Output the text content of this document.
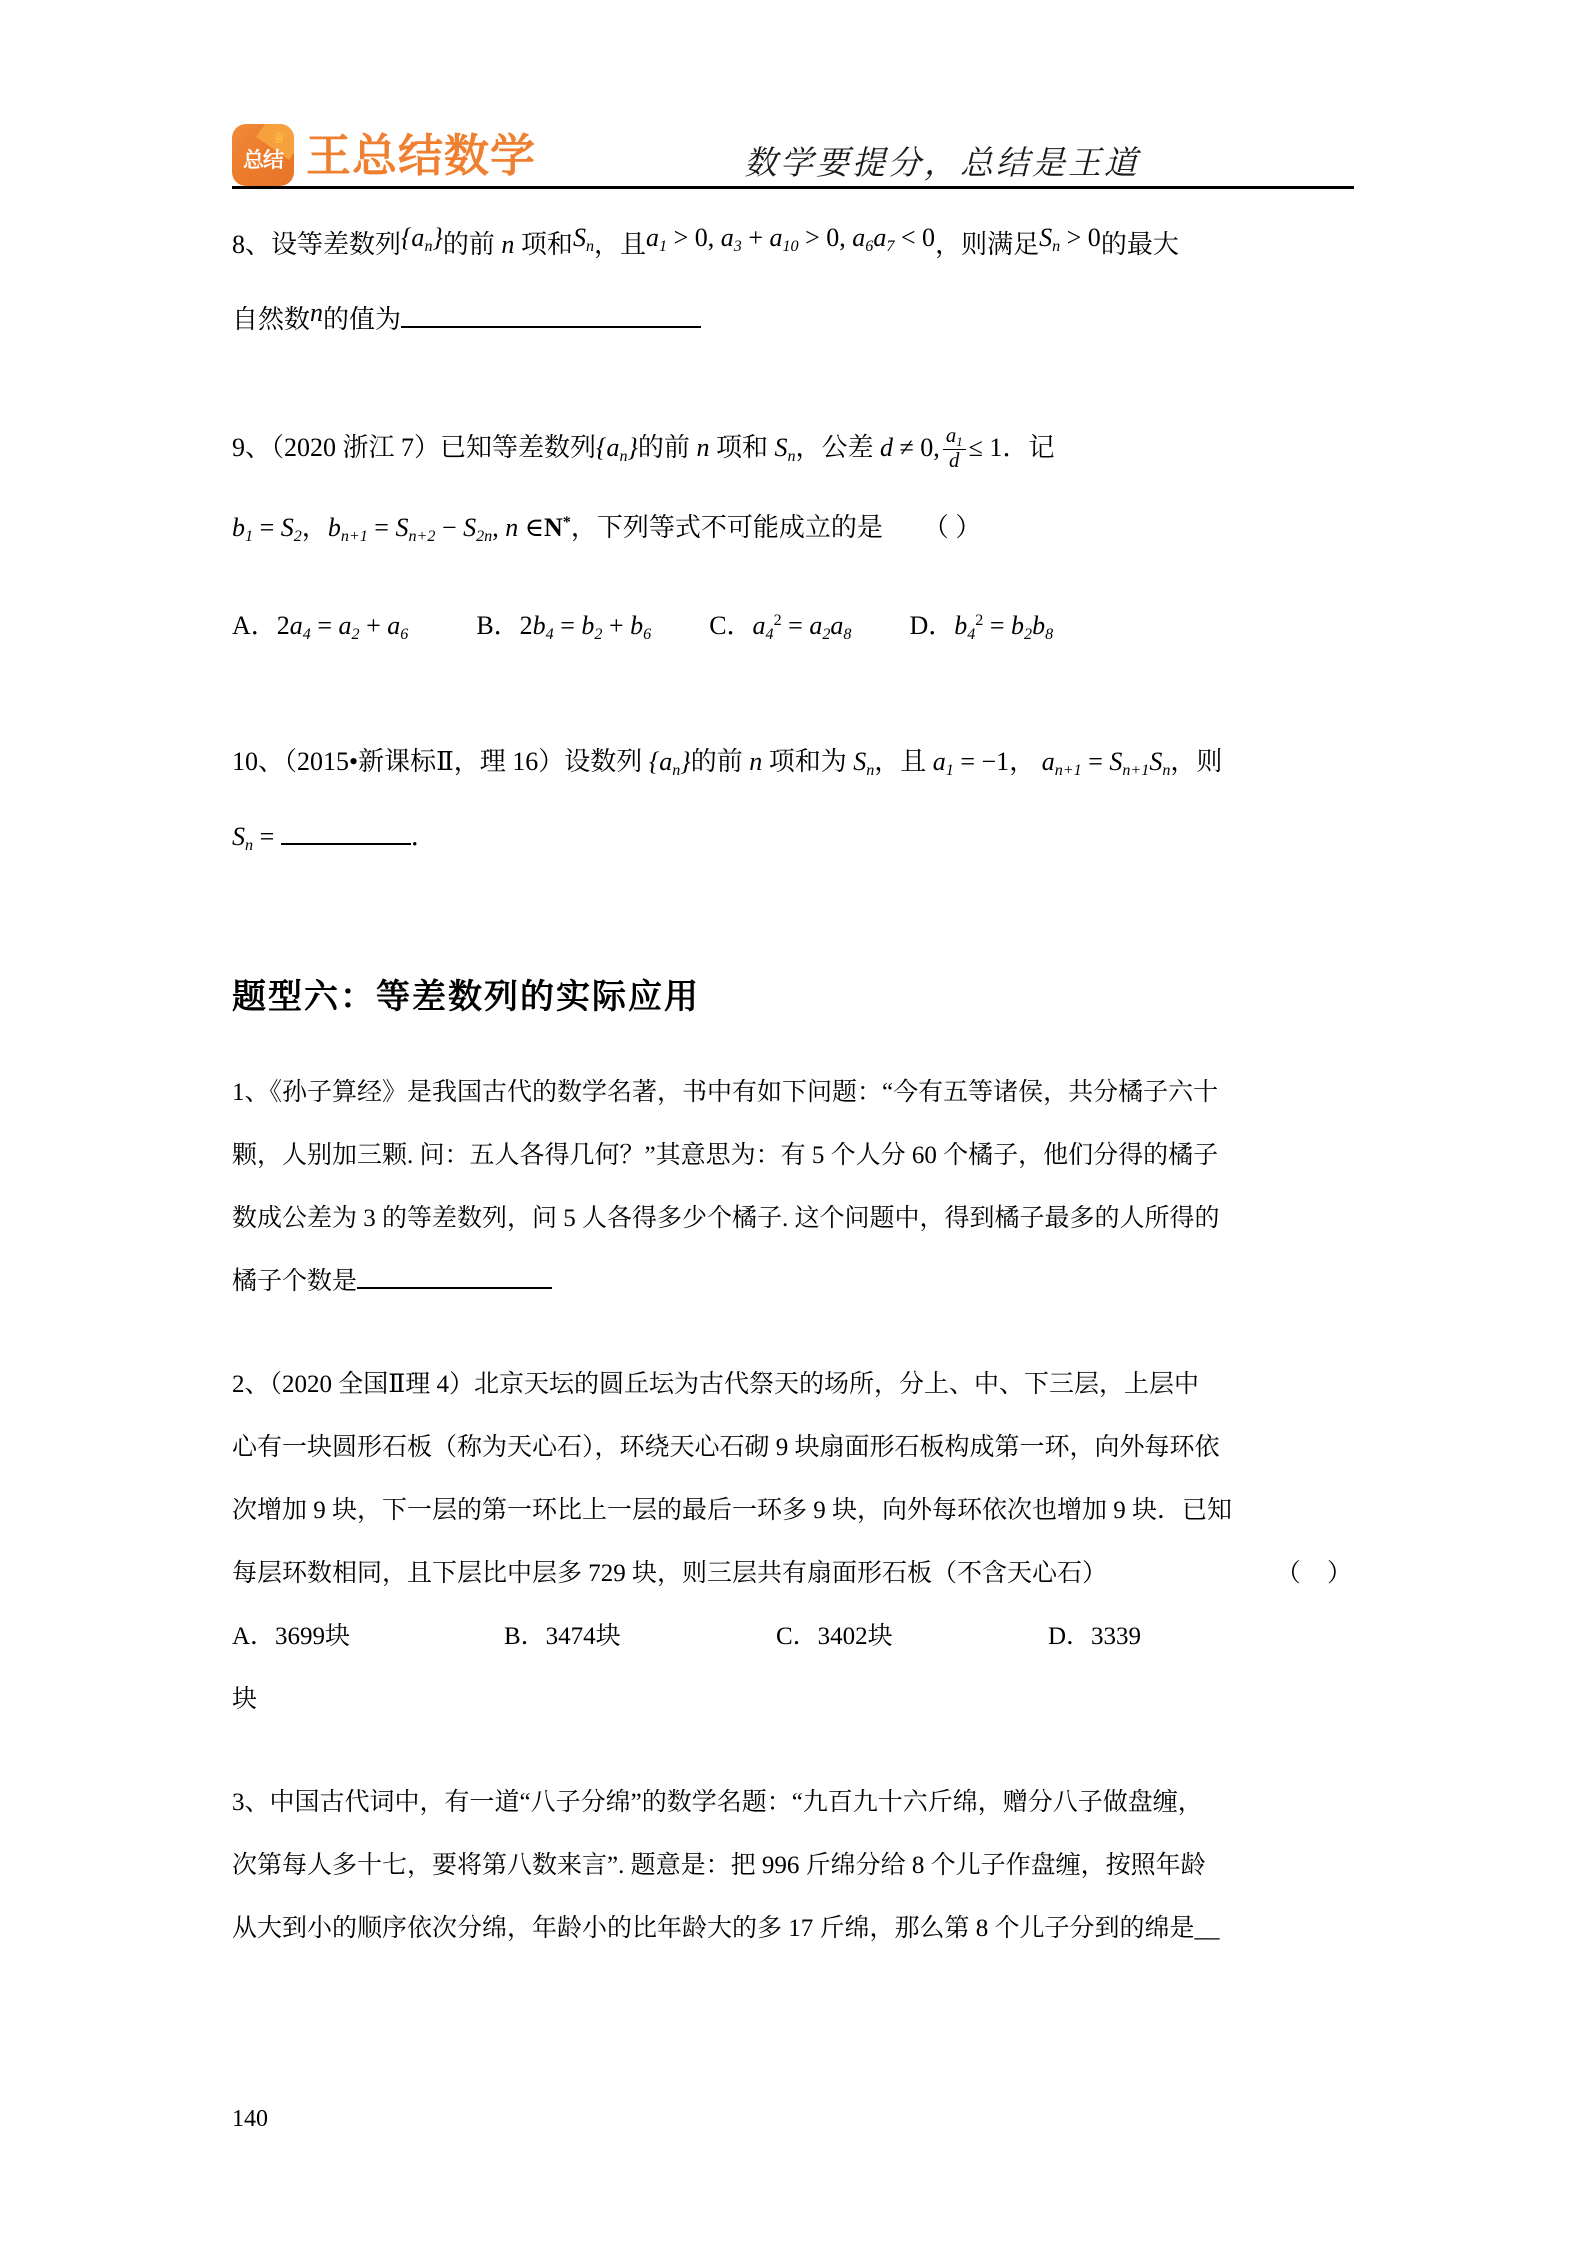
♕
总结 王总结数学	数学要提分，总结是王道
8、设等差数列$\{a_n\}$的前 n 项和$S_n$，且$a_1 > 0$, $a_3 + a_{10} > 0$, $a_6a_7 < 0$，则满足$S_n > 0$的最大
自然数n的值为
9、（2020 浙江 7）已知等差数列$\{a_n\}$的前 n 项和 $S_n$，公差 d ≠ 0, $\frac{a_1}{d} \le 1$．记
$b_1 = S_2$，$b_{n+1} = S_{n+2} - S_{2n}$, n ∈N*，下列等式不可能成立的是 （ ）
A．$2a_4 = a_2 + a_6$	B．$2b_4 = b_2 + b_6$ C．$a_4^2 = a_2a_8$ D．$b_4^2 = b_2b_8$
10、（2015•新课标Ⅱ，理 16）设数列 $\{a_n\}$的前 n 项和为 $S_n$，且 $a_1 = -1$， $a_{n+1} = S_{n+1}S_n$，则
$S_n$ =	．
题型六：等差数列的实际应用
1、《孙子算经》是我国古代的数学名著，书中有如下问题：“今有五等诸侯，共分橘子六十
颗，人别加三颗. 问：五人各得几何？”其意思为：有 5 个人分 60 个橘子，他们分得的橘子
数成公差为 3 的等差数列，问 5 人各得多少个橘子. 这个问题中，得到橘子最多的人所得的
橘子个数是
2、（2020 全国Ⅱ理 4）北京天坛的圆丘坛为古代祭天的场所，分上、中、下三层，上层中
心有一块圆形石板（称为天心石），环绕天心石砌 9 块扇面形石板构成第一环，向外每环依
次增加 9 块，下一层的第一环比上一层的最后一环多 9 块，向外每环依次也增加 9 块．已知
每层环数相同，且下层比中层多 729 块，则三层共有扇面形石板（不含天心石）	（ ）
A．3699块	B．3474块	C．3402块	D．3339
块
3、中国古代词中，有一道“八子分绵”的数学名题：“九百九十六斤绵，赠分八子做盘缠，
次第每人多十七，要将第八数来言”. 题意是：把 996 斤绵分给 8 个儿子作盘缠，按照年龄
从大到小的顺序依次分绵，年龄小的比年龄大的多 17 斤绵，那么第 8 个儿子分到的绵是__
140
